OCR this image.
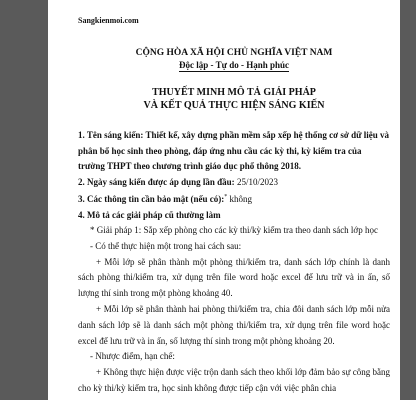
Sangkienmoi.com
CỘNG HÒA XÃ HỘI CHỦ NGHĨA VIỆT NAM
Độc lập - Tự do - Hạnh phúc
THUYẾT MINH MÔ TẢ GIẢI PHÁP
VÀ KẾT QUẢ THỰC HIỆN SÁNG KIẾN
1. Tên sáng kiến: Thiết kế, xây dựng phần mềm sắp xếp hệ thống cơ sở dữ liệu và phân bổ học sinh theo phòng, đáp ứng nhu cầu các kỳ thi, kỳ kiểm tra của trường THPT theo chương trình giáo dục phổ thông 2018.
2. Ngày sáng kiến được áp dụng lần đầu: 25/10/2023
3. Các thông tin cần bảo mật (nếu có):* không
4. Mô tả các giải pháp cũ thường làm
* Giải pháp 1: Sắp xếp phòng cho các kỳ thi/kỳ kiểm tra theo danh sách lớp học
- Có thể thực hiện một trong hai cách sau:
+ Mỗi lớp sẽ phân thành một phòng thi/kiểm tra, danh sách lớp chính là danh sách phòng thi/kiểm tra, xử dụng trên file word hoặc excel để lưu trữ và in ấn, số lượng thí sinh trong một phòng khoảng 40.
+ Mỗi lớp sẽ phân thành hai phòng thi/kiểm tra, chia đôi danh sách lớp mỗi nửa danh sách lớp sẽ là danh sách một phòng thi/kiểm tra, xử dụng trên file word hoặc excel để lưu trữ và in ấn, số lượng thí sinh trong một phòng khoảng 20.
- Nhược điểm, hạn chế:
+ Không thực hiện được việc trộn danh sách theo khối lớp đảm bảo sự công bằng cho kỳ thi/kỳ kiểm tra, học sinh không được tiếp cận với việc phân chia
